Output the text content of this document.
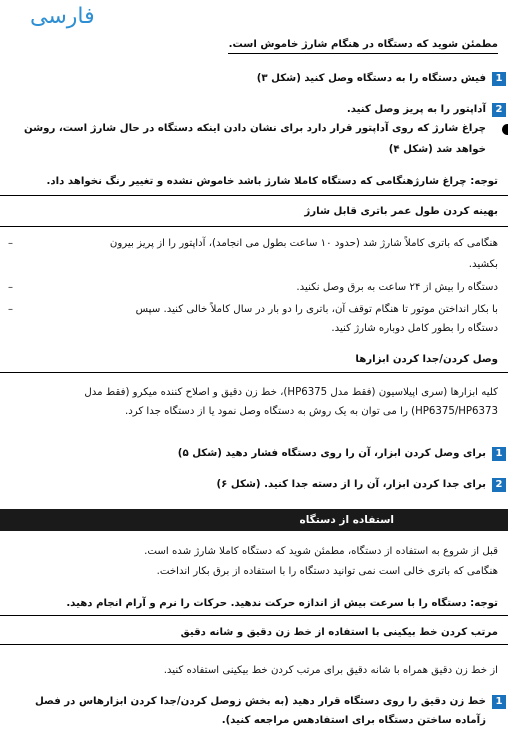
فارسی
مطمئن شوید که دستگاه در هنگام شارژ خاموش است.
1
فیش دستگاه را به دستگاه وصل کنید (شکل ۳)
2
آداپتور را به پریز وصل کنید.
چراغ شارژ که روی آداپتور قرار دارد برای نشان دادن اینکه دستگاه در حال شارژ است، روشن
خواهد شد (شکل ۴)
توجه: چراغ شارژهنگامی که دستگاه کاملا شارژ باشد خاموش نشده و تغییر رنگ نخواهد داد.
بهینه کردن طول عمر باتری قابل شارژ
–	هنگامی که باتری کاملاً شارژ شد (حدود ۱۰ ساعت بطول می انجامد)، آداپتور را از پریز بیرون
بکشید.
–	دستگاه را بیش از ۲۴ ساعت به برق وصل نکنید.
–	با بکار انداختن موتور تا هنگام توقف آن، باتری را دو بار در سال کاملاً خالی کنید. سپس
دستگاه را بطور کامل دوباره شارژ کنید.
وصل کردن/جدا کردن ابزارها
کلیه ابزارها (سری اپیلاسیون (فقط مدل HP6375)، خط زن دقیق و اصلاح کننده میکرو (فقط مدل
HP6375/HP6373) را می توان به یک روش به دستگاه وصل نمود یا از دستگاه جدا کرد.
1
برای وصل کردن ابزار، آن را روی دستگاه فشار دهید (شکل ۵)
2
برای جدا کردن ابزار، آن را از دسته جدا کنید. (شکل ۶)
استفاده از دستگاه
قبل از شروع به استفاده از دستگاه، مطمئن شوید که دستگاه کاملا شارژ شده است.
هنگامی که باتری خالی است نمی توانید دستگاه را با استفاده از برق بکار انداخت.
توجه: دستگاه را با سرعت بیش از اندازه حرکت ندهید. حرکات را نرم و آرام انجام دهید.
مرتب کردن خط بیکینی با استفاده از خط زن دقیق و شانه دقیق
از خط زن دقیق همراه با شانه دقیق برای مرتب کردن خط بیکینی استفاده کنید.
1
خط زن دقیق را روی دستگاه قرار دهید (به بخش زوصل کردن/جدا کردن ابزارهاس در فصل
زآماده ساختن دستگاه برای استفادهس مراجعه کنید).
